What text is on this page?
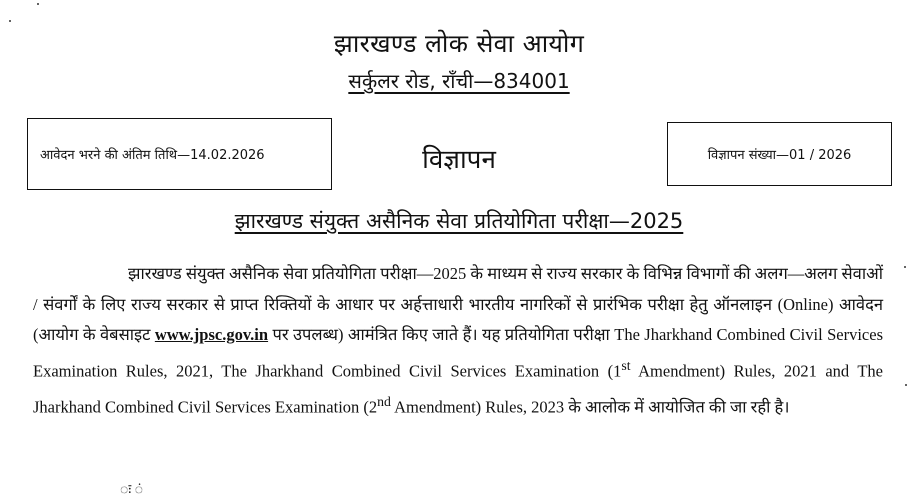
झारखण्ड लोक सेवा आयोग
सर्कुलर रोड, राँची—834001
आवेदन भरने की अंतिम तिथि—14.02.2026	विज्ञापन	विज्ञापन संख्या—01 / 2026
झारखण्ड संयुक्त असैनिक सेवा प्रतियोगिता परीक्षा—2025

झारखण्ड संयुक्त असैनिक सेवा प्रतियोगिता परीक्षा—2025 के माध्यम से राज्य सरकार के विभिन्न विभागों की अलग—अलग सेवाओं / संवर्गों के लिए राज्य सरकार से प्राप्त रिक्तियों के आधार पर अर्हत्ताधारी भारतीय नागरिकों से प्रारंभिक परीक्षा हेतु ऑनलाइन (Online) आवेदन (आयोग के वेबसाइट www.jpsc.gov.in पर उपलब्ध) आमंत्रित किए जाते हैं। यह प्रतियोगिता परीक्षा The Jharkhand Combined Civil Services Examination Rules, 2021, The Jharkhand Combined Civil Services Examination (1st Amendment) Rules, 2021 and The Jharkhand Combined Civil Services Examination (2nd Amendment) Rules, 2023 के आलोक में आयोजित की जा रही है।

ः ं
